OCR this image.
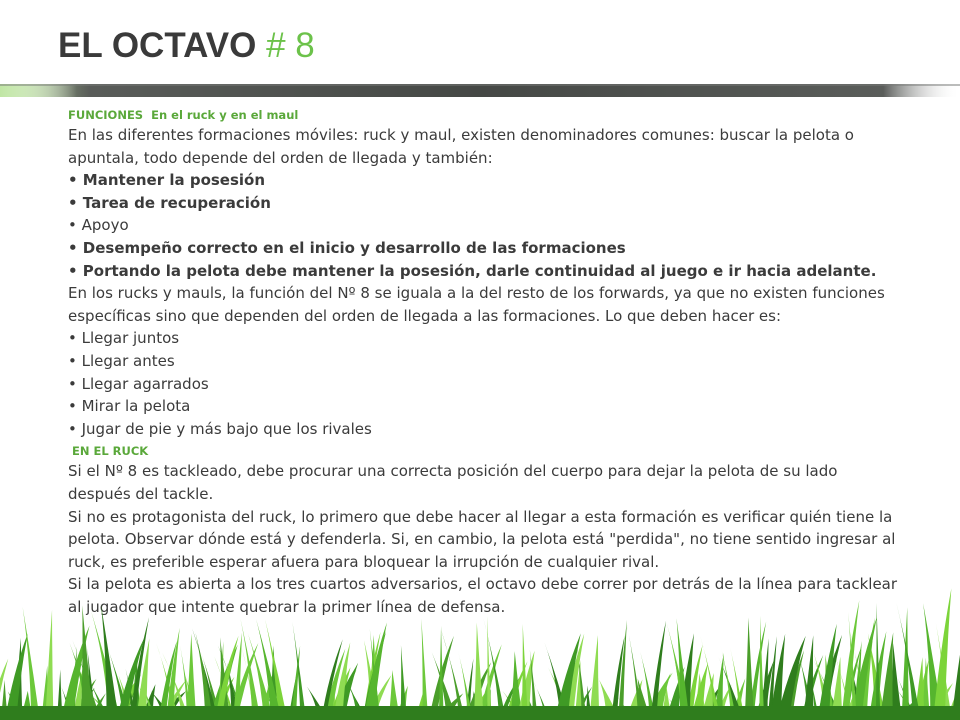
EL OCTAVO # 8

FUNCIONES En el ruck y en el maul

En las diferentes formaciones móviles: ruck y maul, existen denominadores comunes: buscar la pelota o apuntala, todo depende del orden de llegada y también:

• Mantener la posesión

• Tarea de recuperación

• Apoyo

• Desempeño correcto en el inicio y desarrollo de las formaciones

• Portando la pelota debe mantener la posesión, darle continuidad al juego e ir hacia adelante.

En los rucks y mauls, la función del Nº 8 se iguala a la del resto de los forwards, ya que no existen funciones específicas sino que dependen del orden de llegada a las formaciones. Lo que deben hacer es:

• Llegar juntos

• Llegar antes

• Llegar agarrados

• Mirar la pelota

• Jugar de pie y más bajo que los rivales

EN EL RUCK

Si el Nº 8 es tackleado, debe procurar una correcta posición del cuerpo para dejar la pelota de su lado después del tackle.

Si no es protagonista del ruck, lo primero que debe hacer al llegar a esta formación es verificar quién tiene la pelota. Observar dónde está y defenderla. Si, en cambio, la pelota está "perdida", no tiene sentido ingresar al ruck, es preferible esperar afuera para bloquear la irrupción de cualquier rival.

Si la pelota es abierta a los tres cuartos adversarios, el octavo debe correr por detrás de la línea para tacklear al jugador que intente quebrar la primer línea de defensa.
